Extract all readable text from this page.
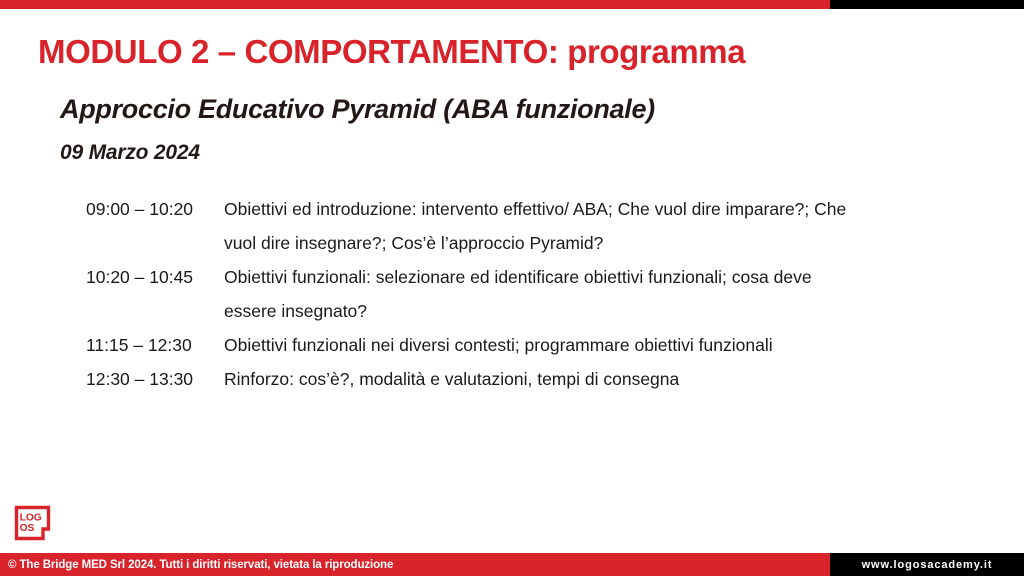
MODULO 2 – COMPORTAMENTO: programma
Approccio Educativo Pyramid (ABA funzionale)
09 Marzo 2024
09:00 – 10:20	Obiettivi ed introduzione: intervento effettivo/ ABA; Che vuol dire imparare?; Che
vuol dire insegnare?; Cos’è l’approccio Pyramid?
10:20 – 10:45	Obiettivi funzionali: selezionare ed identificare obiettivi funzionali; cosa deve
essere insegnato?
11:15 – 12:30	Obiettivi funzionali nei diversi contesti; programmare obiettivi funzionali
12:30 – 13:30	Rinforzo: cos’è?, modalità e valutazioni, tempi di consegna
LOG
OS
© The Bridge MED Srl 2024. Tutti i diritti riservati, vietata la riproduzione	www.logosacademy.it
